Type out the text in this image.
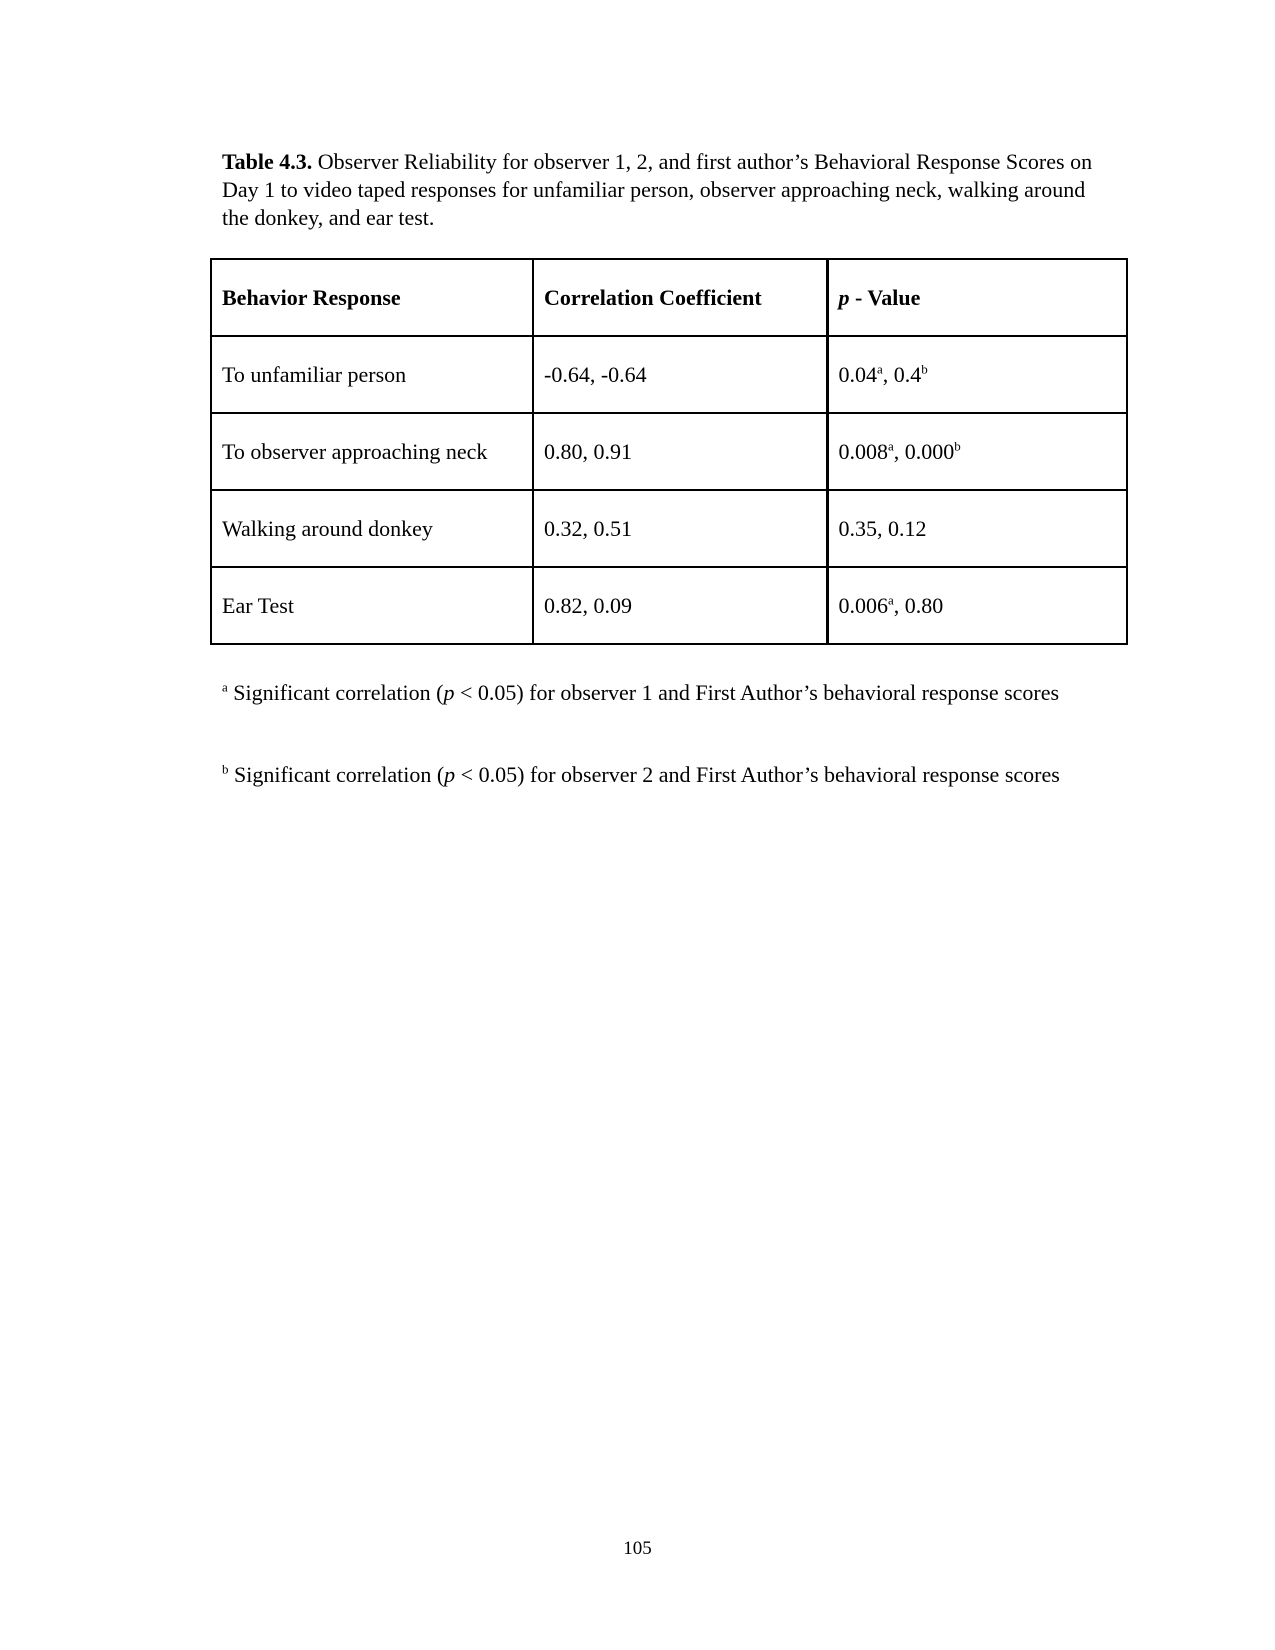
Table 4.3. Observer Reliability for observer 1, 2, and first author’s Behavioral Response Scores on Day 1 to video taped responses for unfamiliar person, observer approaching neck, walking around the donkey, and ear test.
Behavior Response	Correlation Coefficient	p - Value
To unfamiliar person	-0.64, -0.64	0.04$^a$, 0.4$^b$
To observer approaching neck	0.80, 0.91	0.008$^a$, 0.000$^b$
Walking around donkey	0.32, 0.51	0.35, 0.12
Ear Test	0.82, 0.09	0.006$^a$, 0.80
$^a$ Significant correlation (p < 0.05) for observer 1 and First Author’s behavioral response scores
$^b$ Significant correlation (p < 0.05) for observer 2 and First Author’s behavioral response scores
105
